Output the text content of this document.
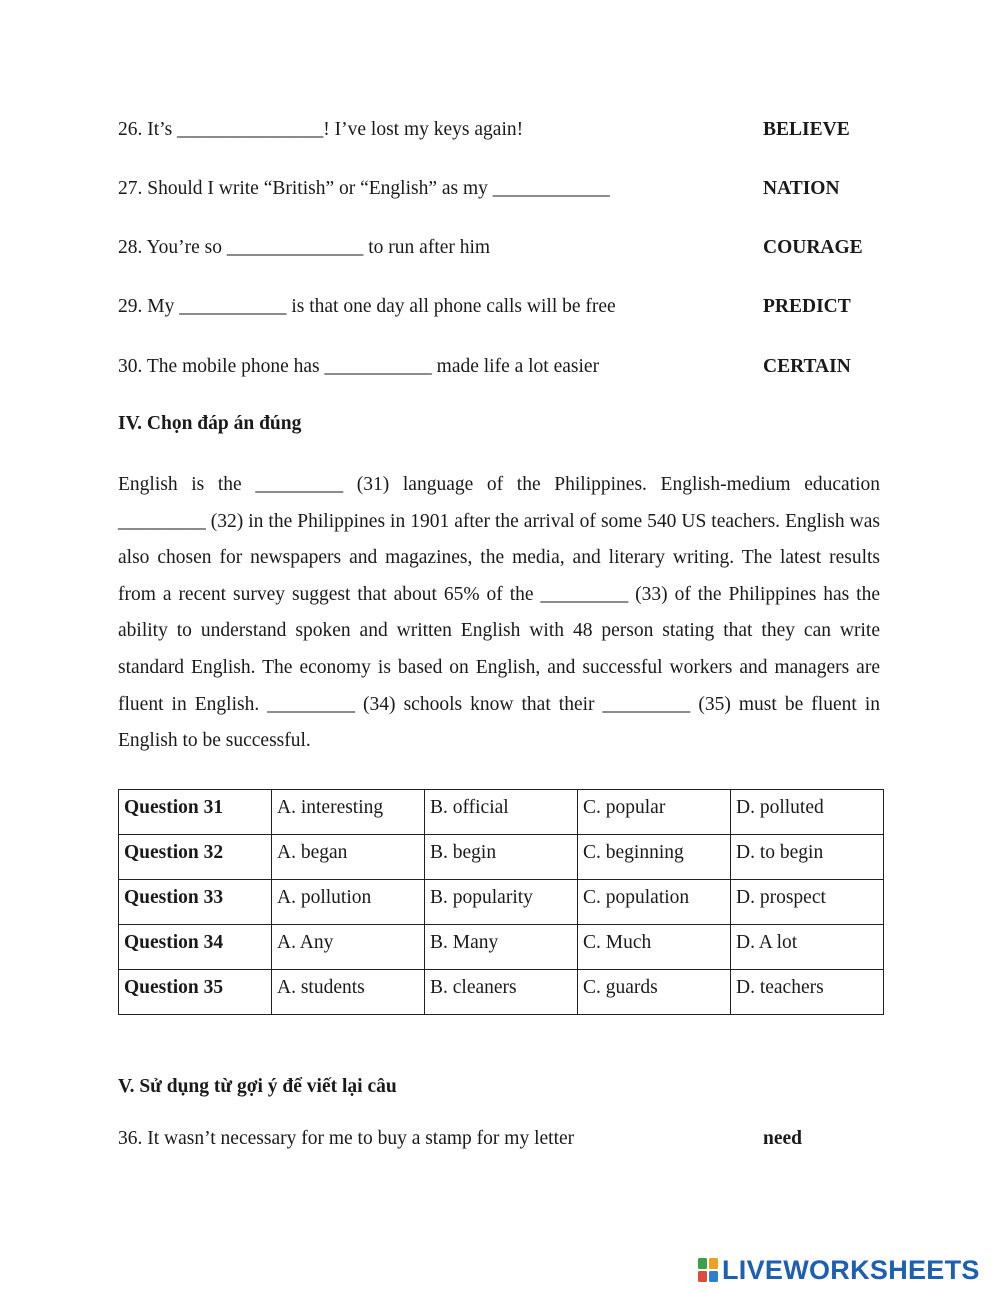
26. It’s _______________! I’ve lost my keys again!	BELIEVE
27. Should I write “British” or “English” as my ____________	NATION
28. You’re so ______________ to run after him	COURAGE
29. My ___________ is that one day all phone calls will be free	PREDICT
30. The mobile phone has ___________ made life a lot easier	CERTAIN
IV. Chọn đáp án đúng

English is the _________ (31) language of the Philippines. English-medium education _________ (32) in the Philippines in 1901 after the arrival of some 540 US teachers. English was also chosen for newspapers and magazines, the media, and literary writing. The latest results from a recent survey suggest that about 65% of the _________ (33) of the Philippines has the ability to understand spoken and written English with 48 person stating that they can write standard English. The economy is based on English, and successful workers and managers are fluent in English. _________ (34) schools know that their _________ (35) must be fluent in English to be successful.

Question 31	A. interesting	B. official	C. popular	D. polluted
Question 32	A. began	B. begin	C. beginning	D. to begin
Question 33	A. pollution	B. popularity	C. population	D. prospect
Question 34	A. Any	B. Many	C. Much	D. A lot
Question 35	A. students	B. cleaners	C. guards	D. teachers
V. Sử dụng từ gợi ý để viết lại câu
36. It wasn’t necessary for me to buy a stamp for my letter	need
LIVEWORKSHEETS
